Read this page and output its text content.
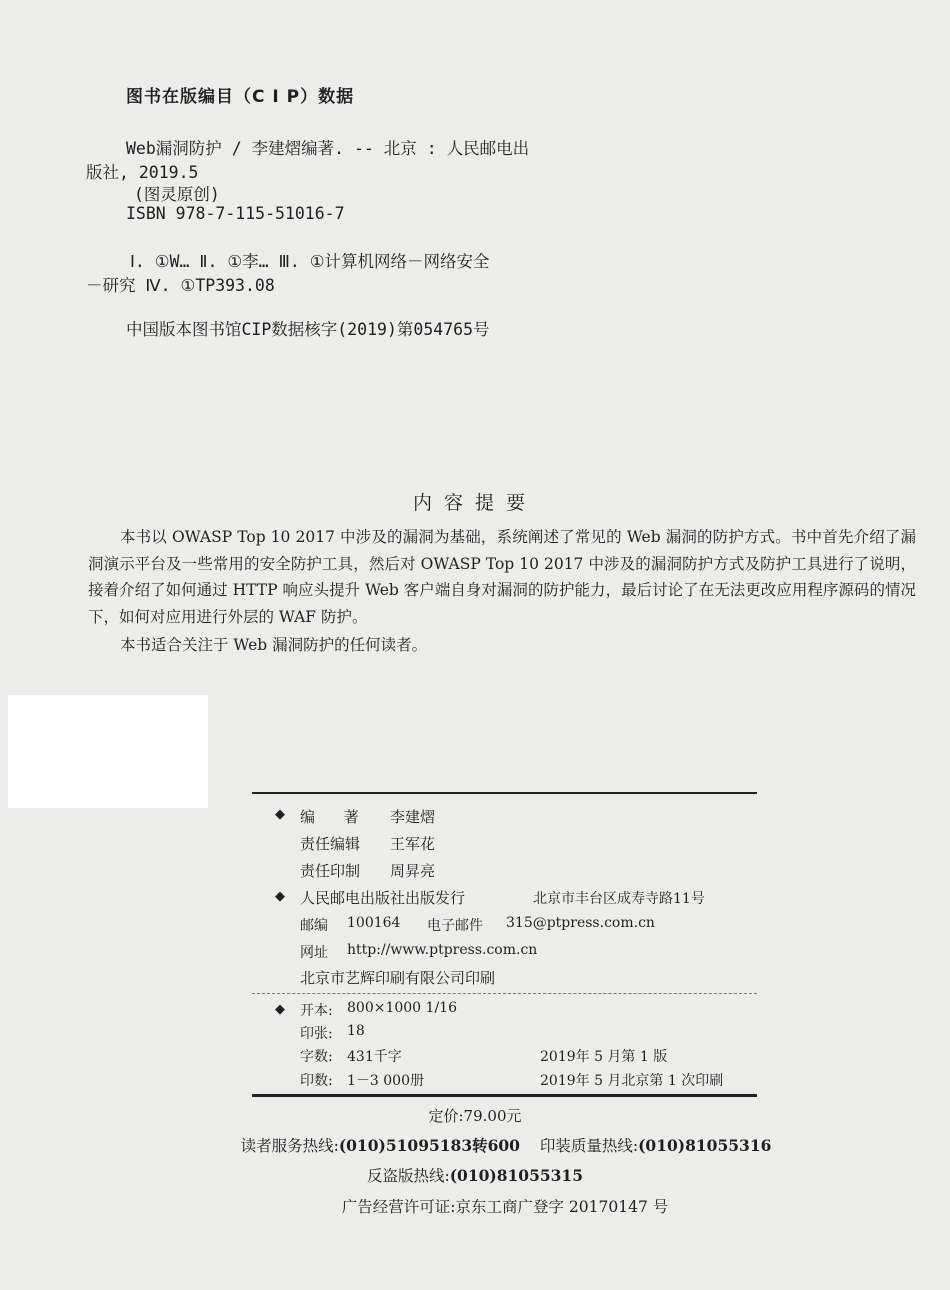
图书在版编目（C I P）数据
Web漏洞防护 / 李建熠编著. -- 北京 : 人民邮电出
版社, 2019.5
(图灵原创)
ISBN 978-7-115-51016-7
Ⅰ. ①W… Ⅱ. ①李… Ⅲ. ①计算机网络－网络安全
－研究 Ⅳ. ①TP393.08
中国版本图书馆CIP数据核字(2019)第054765号
内容提要

本书以 OWASP Top 10 2017 中涉及的漏洞为基础，系统阐述了常见的 Web 漏洞的防护方式。书中首先介绍了漏洞演示平台及一些常用的安全防护工具，然后对 OWASP Top 10 2017 中涉及的漏洞防护方式及防护工具进行了说明，接着介绍了如何通过 HTTP 响应头提升 Web 客户端自身对漏洞的防护能力，最后讨论了在无法更改应用程序源码的情况下，如何对应用进行外层的 WAF 防护。

本书适合关注于 Web 漏洞防护的任何读者。

◆ 编 著 李建熠
责任编辑 王军花
责任印制 周昇亮
◆ 人民邮电出版社出版发行	北京市丰台区成寿寺路11号
邮编 100164 电子邮件 315@ptpress.com.cn
网址 http://www.ptpress.com.cn
北京市艺辉印刷有限公司印刷
◆ 开本: 800×1000 1/16
印张: 18
字数: 431千字	2019年 5 月第 1 版
印数: 1－3 000册	2019年 5 月北京第 1 次印刷
定价:79.00元
读者服务热线:(010)51095183转600 印装质量热线:(010)81055316
反盗版热线:(010)81055315
广告经营许可证:京东工商广登字 20170147 号
